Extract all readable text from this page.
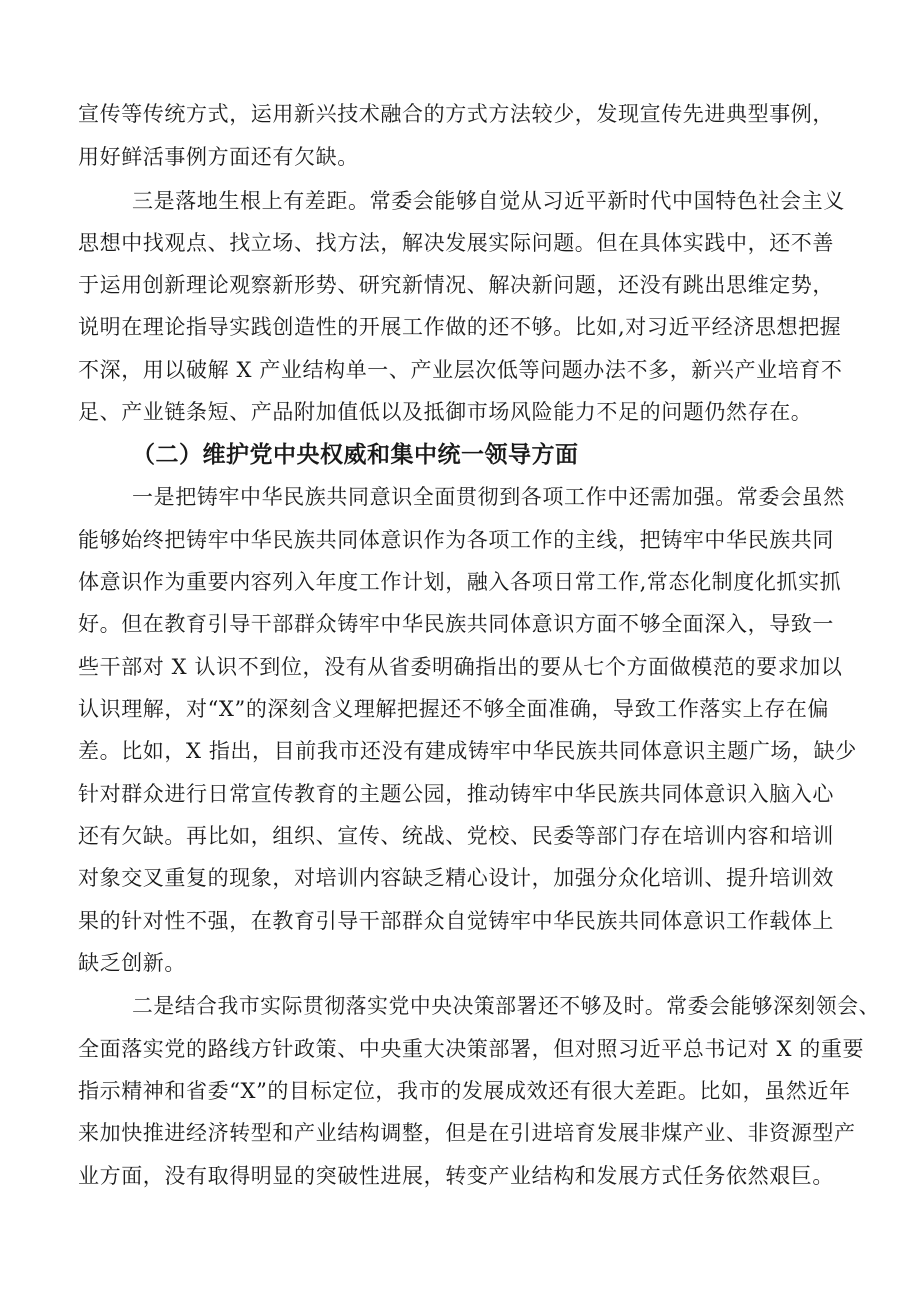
宣传等传统方式，运用新兴技术融合的方式方法较少，发现宣传先进典型事例，
用好鲜活事例方面还有欠缺。
三是落地生根上有差距。常委会能够自觉从习近平新时代中国特色社会主义
思想中找观点、找立场、找方法，解决发展实际问题。但在具体实践中，还不善
于运用创新理论观察新形势、研究新情况、解决新问题，还没有跳出思维定势，
说明在理论指导实践创造性的开展工作做的还不够。比如,对习近平经济思想把握
不深，用以破解 X 产业结构单一、产业层次低等问题办法不多，新兴产业培育不
足、产业链条短、产品附加值低以及抵御市场风险能力不足的问题仍然存在。
（二）维护党中央权威和集中统一领导方面
一是把铸牢中华民族共同意识全面贯彻到各项工作中还需加强。常委会虽然
能够始终把铸牢中华民族共同体意识作为各项工作的主线，把铸牢中华民族共同
体意识作为重要内容列入年度工作计划，融入各项日常工作,常态化制度化抓实抓
好。但在教育引导干部群众铸牢中华民族共同体意识方面不够全面深入，导致一
些干部对 X 认识不到位，没有从省委明确指出的要从七个方面做模范的要求加以
认识理解，对“X”的深刻含义理解把握还不够全面准确，导致工作落实上存在偏
差。比如，X 指出，目前我市还没有建成铸牢中华民族共同体意识主题广场，缺少
针对群众进行日常宣传教育的主题公园，推动铸牢中华民族共同体意识入脑入心
还有欠缺。再比如，组织、宣传、统战、党校、民委等部门存在培训内容和培训
对象交叉重复的现象，对培训内容缺乏精心设计，加强分众化培训、提升培训效
果的针对性不强，在教育引导干部群众自觉铸牢中华民族共同体意识工作载体上
缺乏创新。
二是结合我市实际贯彻落实党中央决策部署还不够及时。常委会能够深刻领会、
全面落实党的路线方针政策、中央重大决策部署，但对照习近平总书记对 X 的重要
指示精神和省委“X”的目标定位，我市的发展成效还有很大差距。比如，虽然近年
来加快推进经济转型和产业结构调整，但是在引进培育发展非煤产业、非资源型产
业方面，没有取得明显的突破性进展，转变产业结构和发展方式任务依然艰巨。
